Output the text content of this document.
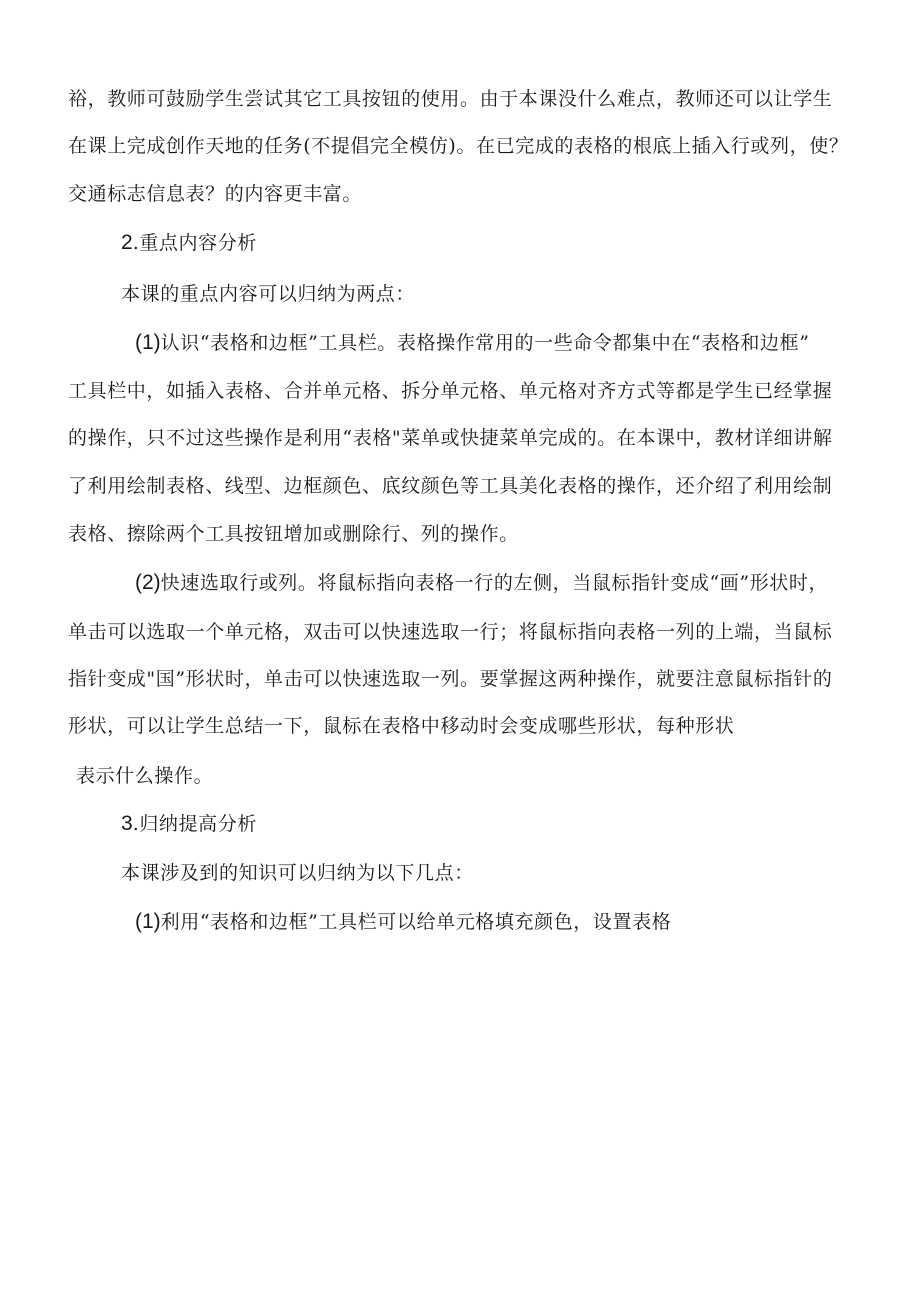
裕，教师可鼓励学生尝试其它工具按钮的使用。由于本课没什么难点，教师还可以让学生
在课上完成创作天地的任务(不提倡完全模仿)。在已完成的表格的根底上插入行或列，使？
交通标志信息表？的内容更丰富。
2.重点内容分析
本课的重点内容可以归纳为两点：
(1)认识“表格和边框”工具栏。表格操作常用的一些命令都集中在“表格和边框”
工具栏中，如插入表格、合并单元格、拆分单元格、单元格对齐方式等都是学生已经掌握
的操作，只不过这些操作是利用“表格"菜单或快捷菜单完成的。在本课中，教材详细讲解
了利用绘制表格、线型、边框颜色、底纹颜色等工具美化表格的操作，还介绍了利用绘制
表格、擦除两个工具按钮增加或删除行、列的操作。
(2)快速选取行或列。将鼠标指向表格一行的左侧，当鼠标指针变成“画”形状时，
单击可以选取一个单元格，双击可以快速选取一行；将鼠标指向表格一列的上端，当鼠标
指针变成"国”形状时，单击可以快速选取一列。要掌握这两种操作，就要注意鼠标指针的
形状，可以让学生总结一下，鼠标在表格中移动时会变成哪些形状，每种形状
表示什么操作。
3.归纳提高分析
本课涉及到的知识可以归纳为以下几点：
(1)利用“表格和边框”工具栏可以给单元格填充颜色，设置表格
